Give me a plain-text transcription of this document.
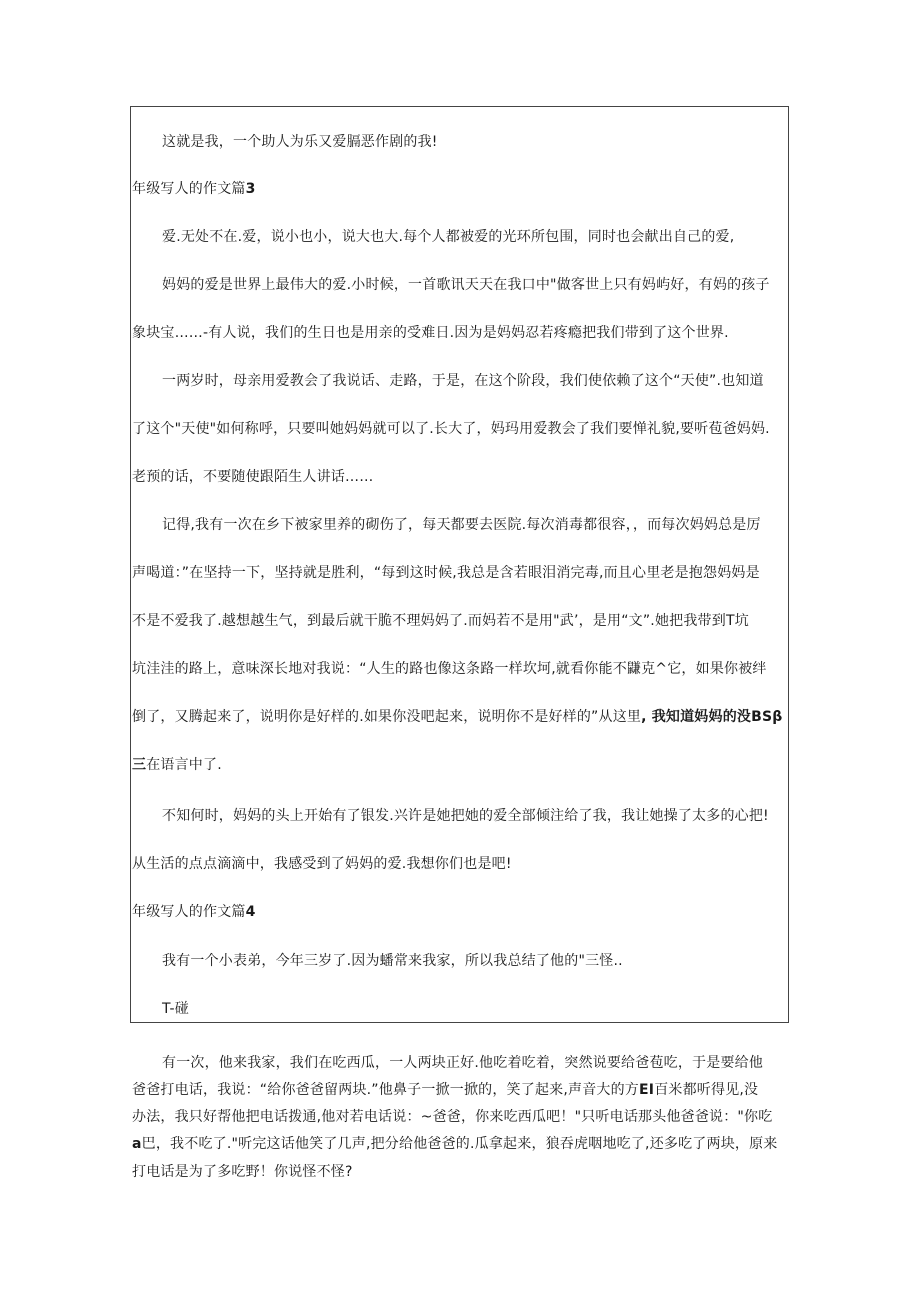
这就是我，一个助人为乐又爱膈恶作剧的我!
年级写人的作文篇3
爱.无处不在.爱，说小也小，说大也大.每个人都被爱的光环所包围，同时也会献出自己的爱,
妈妈的爱是世界上最伟大的爱.小时候，一首歌讯天天在我口中"做客世上只有妈屿好，有妈的孩子
象块宝……-有人说，我们的生日也是用亲的受难日.因为是妈妈忍若疼瘾把我们带到了这个世界.
一两岁时，母亲用爱教会了我说话、走路，于是，在这个阶段，我们使依赖了这个“天使”.也知道
了这个"天使"如何称呼，只要叫她妈妈就可以了.长大了，妈玛用爱教会了我们要惮礼貌,要听苞爸妈妈.
老预的话，不要随使跟陌生人讲话……
记得,我有一次在乡下被家里养的砌伤了，每天都要去医院.每次消毒都很容，，而每次妈妈总是厉
声喝道：”在坚持一下，坚持就是胜利，“每到这时候,我总是含若眼泪消完毒,而且心里老是抱怨妈妈是
不是不爱我了.越想越生气，到最后就干脆不理妈妈了.而妈若不是用"武’，是用“文”.她把我带到T坑
坑洼洼的路上，意味深长地对我说：“人生的路也像这条路一样坎坷,就看你能不鼸克^它，如果你被绊
倒了，又腾起来了，说明你是好样的.如果你没吧起来，说明你不是好样的”从这里, 我知道妈妈的没BSβ
三在语言中了.
不知何时，妈妈的头上开始有了银发.兴许是她把她的爱全部倾注给了我，我让她操了太多的心把!
从生活的点点滴滴中，我感受到了妈妈的爱.我想你们也是吧!
年级写人的作文篇4
我有一个小表弟，今年三岁了.因为蟠常来我家，所以我总结了他的"三怪..
T-碰
有一次，他来我家，我们在吃西瓜，一人两块正好.他吃着吃着，突然说要给爸苞吃，于是要给他
爸爸打电话，我说：“给你爸爸留两块.”他鼻子一掀一掀的，笑了起来,声音大的方EI百米都听得见,没
办法，我只好帮他把电话拨通,他对若电话说：~爸爸，你来吃西瓜吧！"只听电话那头他爸爸说："你吃
a巴，我不吃了."听完这话他笑了几声,把分给他爸爸的.瓜拿起来，狼吞虎咽地吃了,还多吃了两块，原来
打电话是为了多吃野！你说怪不怪?
